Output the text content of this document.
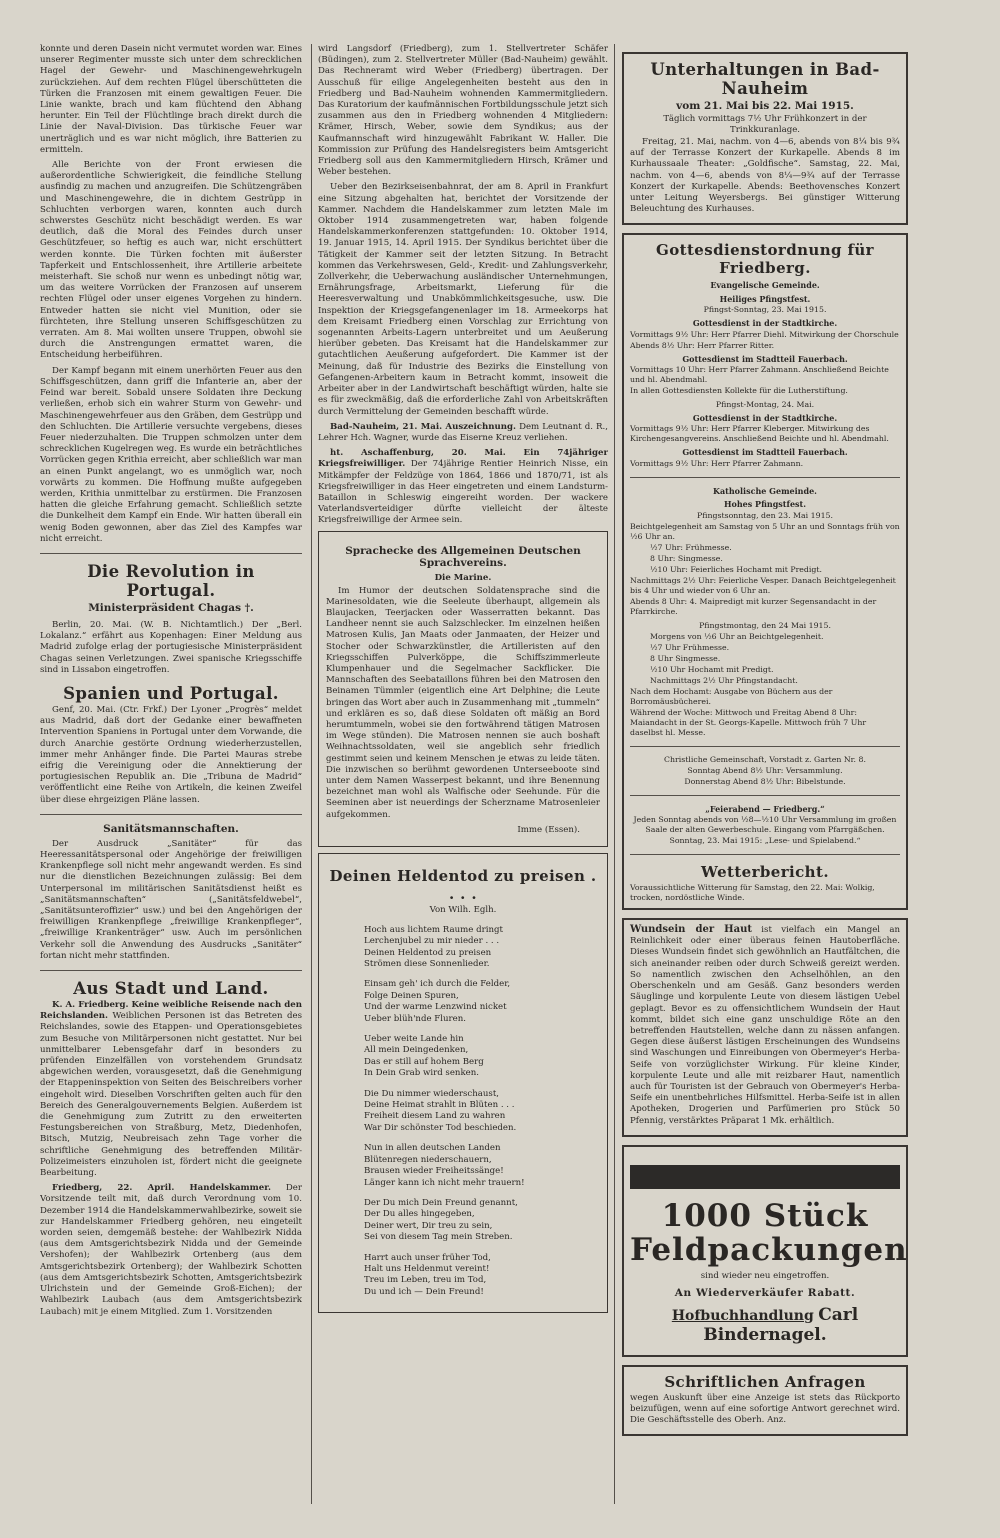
konnte und deren Dasein nicht vermutet worden war. Eines unserer Regimenter musste sich unter dem schrecklichen Hagel der Gewehr- und Maschinengewehrkugeln zurückziehen. Auf dem rechten Flügel überschütteten die Türken die Franzosen mit einem gewaltigen Feuer. Die Linie wankte, brach und kam flüchtend den Abhang herunter. Ein Teil der Flüchtlinge brach direkt durch die Linie der Naval-Division. Das türkische Feuer war unerträglich und es war nicht möglich, ihre Batterien zu ermitteln.

Alle Berichte von der Front erwiesen die außerordentliche Schwierigkeit, die feindliche Stellung ausfindig zu machen und anzugreifen. Die Schützengräben und Maschinengewehre, die in dichtem Gestrüpp in Schluchten verborgen waren, konnten auch durch schwerstes Geschütz nicht beschädigt werden. Es war deutlich, daß die Moral des Feindes durch unser Geschützfeuer, so heftig es auch war, nicht erschüttert werden konnte. Die Türken fochten mit äußerster Tapferkeit und Entschlossenheit, ihre Artillerie arbeitete meisterhaft. Sie schoß nur wenn es unbedingt nötig war, um das weitere Vorrücken der Franzosen auf unserem rechten Flügel oder unser eigenes Vorgehen zu hindern. Entweder hatten sie nicht viel Munition, oder sie fürchteten, ihre Stellung unseren Schiffsgeschützen zu verraten. Am 8. Mai wollten unsere Truppen, obwohl sie durch die Anstrengungen ermattet waren, die Entscheidung herbeiführen.

Der Kampf begann mit einem unerhörten Feuer aus den Schiffsgeschützen, dann griff die Infanterie an, aber der Feind war bereit. Sobald unsere Soldaten ihre Deckung verließen, erhob sich ein wahrer Sturm von Gewehr- und Maschinengewehrfeuer aus den Gräben, dem Gestrüpp und den Schluchten. Die Artillerie versuchte vergebens, dieses Feuer niederzuhalten. Die Truppen schmolzen unter dem schrecklichen Kugelregen weg. Es wurde ein beträchtliches Vorrücken gegen Krithia erreicht, aber schließlich war man an einen Punkt angelangt, wo es unmöglich war, noch vorwärts zu kommen. Die Hoffnung mußte aufgegeben werden, Krithia unmittelbar zu erstürmen. Die Franzosen hatten die gleiche Erfahrung gemacht. Schließlich setzte die Dunkelheit dem Kampf ein Ende. Wir hatten überall ein wenig Boden gewonnen, aber das Ziel des Kampfes war nicht erreicht.

Die Revolution in Portugal.
Ministerpräsident Chagas †.

Berlin, 20. Mai. (W. B. Nichtamtlich.) Der „Berl. Lokalanz.“ erfährt aus Kopenhagen: Einer Meldung aus Madrid zufolge erlag der portugiesische Ministerpräsident Chagas seinen Verletzungen. Zwei spanische Kriegsschiffe sind in Lissabon eingetroffen.

Spanien und Portugal.

Genf, 20. Mai. (Ctr. Frkf.) Der Lyoner „Progrès“ meldet aus Madrid, daß dort der Gedanke einer bewaffneten Intervention Spaniens in Portugal unter dem Vorwande, die durch Anarchie gestörte Ordnung wiederherzustellen, immer mehr Anhänger finde. Die Partei Mauras strebe eifrig die Vereinigung oder die Annektierung der portugiesischen Republik an. Die „Tribuna de Madrid“ veröffentlicht eine Reihe von Artikeln, die keinen Zweifel über diese ehrgeizigen Pläne lassen.

Sanitätsmannschaften.

Der Ausdruck „Sanitäter“ für das Heeressanitätspersonal oder Angehörige der freiwilligen Krankenpflege soll nicht mehr angewandt werden. Es sind nur die dienstlichen Bezeichnungen zulässig: Bei dem Unterpersonal im militärischen Sanitätsdienst heißt es „Sanitätsmannschaften“ („Sanitätsfeldwebel“, „Sanitätsunteroffizier“ usw.) und bei den Angehörigen der freiwilligen Krankenpflege „freiwillige Krankenpfleger“, „freiwillige Krankenträger“ usw. Auch im persönlichen Verkehr soll die Anwendung des Ausdrucks „Sanitäter“ fortan nicht mehr stattfinden.

Aus Stadt und Land.

K. A. Friedberg. Keine weibliche Reisende nach den Reichslanden. Weiblichen Personen ist das Betreten des Reichslandes, sowie des Etappen- und Operationsgebietes zum Besuche von Militärpersonen nicht gestattet. Nur bei unmittelbarer Lebensgefahr darf in besonders zu prüfenden Einzelfällen von vorstehendem Grundsatz abgewichen werden, vorausgesetzt, daß die Genehmigung der Etappeninspektion von Seiten des Beischreibers vorher eingeholt wird. Dieselben Vorschriften gelten auch für den Bereich des Generalgouvernements Belgien. Außerdem ist die Genehmigung zum Zutritt zu den erweiterten Festungsbereichen von Straßburg, Metz, Diedenhofen, Bitsch, Mutzig, Neubreisach zehn Tage vorher die schriftliche Genehmigung des betreffenden Militär-Polizeimeisters einzuholen ist, fördert nicht die geeignete Bearbeitung.

Friedberg, 22. April. Handelskammer. Der Vorsitzende teilt mit, daß durch Verordnung vom 10. Dezember 1914 die Handelskammerwahlbezirke, soweit sie zur Handelskammer Friedberg gehören, neu eingeteilt worden seien, demgemäß bestehe: der Wahlbezirk Nidda (aus dem Amtsgerichtsbezirk Nidda und der Gemeinde Vershofen); der Wahlbezirk Ortenberg (aus dem Amtsgerichtsbezirk Ortenberg); der Wahlbezirk Schotten (aus dem Amtsgerichtsbezirk Schotten, Amtsgerichtsbezirk Ulrichstein und der Gemeinde Groß-Eichen); der Wahlbezirk Laubach (aus dem Amtsgerichtsbezirk Laubach) mit je einem Mitglied. Zum 1. Vorsitzenden

wird Langsdorf (Friedberg), zum 1. Stellvertreter Schäfer (Büdingen), zum 2. Stellvertreter Müller (Bad-Nauheim) gewählt. Das Rechneramt wird Weber (Friedberg) übertragen. Der Ausschuß für eilige Angelegenheiten besteht aus den in Friedberg und Bad-Nauheim wohnenden Kammermitgliedern. Das Kuratorium der kaufmännischen Fortbildungsschule jetzt sich zusammen aus den in Friedberg wohnenden 4 Mitgliedern: Krämer, Hirsch, Weber, sowie dem Syndikus; aus der Kaufmannschaft wird hinzugewählt Fabrikant W. Haller. Die Kommission zur Prüfung des Handelsregisters beim Amtsgericht Friedberg soll aus den Kammermitgliedern Hirsch, Krämer und Weber bestehen.

Ueber den Bezirkseisenbahnrat, der am 8. April in Frankfurt eine Sitzung abgehalten hat, berichtet der Vorsitzende der Kammer. Nachdem die Handelskammer zum letzten Male im Oktober 1914 zusammengetreten war, haben folgende Handelskammerkonferenzen stattgefunden: 10. Oktober 1914, 19. Januar 1915, 14. April 1915. Der Syndikus berichtet über die Tätigkeit der Kammer seit der letzten Sitzung. In Betracht kommen das Verkehrswesen, Geld-, Kredit- und Zahlungsverkehr, Zollverkehr, die Ueberwachung ausländischer Unternehmungen, Ernährungsfrage, Arbeitsmarkt, Lieferung für die Heeresverwaltung und Unabkömmlichkeitsgesuche, usw. Die Inspektion der Kriegsgefangenenlager im 18. Armeekorps hat dem Kreisamt Friedberg einen Vorschlag zur Errichtung von sogenannten Arbeits-Lagern unterbreitet und um Aeußerung hierüber gebeten. Das Kreisamt hat die Handelskammer zur gutachtlichen Aeußerung aufgefordert. Die Kammer ist der Meinung, daß für Industrie des Bezirks die Einstellung von Gefangenen-Arbeitern kaum in Betracht kommt, insoweit die Arbeiter aber in der Landwirtschaft beschäftigt würden, halte sie es für zweckmäßig, daß die erforderliche Zahl von Arbeitskräften durch Vermittelung der Gemeinden beschafft würde.

Bad-Nauheim, 21. Mai. Auszeichnung. Dem Leutnant d. R., Lehrer Hch. Wagner, wurde das Eiserne Kreuz verliehen.

ht. Aschaffenburg, 20. Mai. Ein 74jähriger Kriegsfreiwilliger. Der 74jährige Rentier Heinrich Nisse, ein Mitkämpfer der Feldzüge von 1864, 1866 und 1870/71, ist als Kriegsfreiwilliger in das Heer eingetreten und einem Landsturm-Bataillon in Schleswig eingereiht worden. Der wackere Vaterlandsverteidiger dürfte vielleicht der älteste Kriegsfreiwillige der Armee sein.

Sprachecke des Allgemeinen Deutschen Sprachvereins.
Die Marine.

Im Humor der deutschen Soldatensprache sind die Marinesoldaten, wie die Seeleute überhaupt, allgemein als Blaujacken, Teerjacken oder Wasserratten bekannt. Das Landheer nennt sie auch Salzschlecker. Im einzelnen heißen Matrosen Kulis, Jan Maats oder Janmaaten, der Heizer und Stocher oder Schwarzkünstler, die Artilleristen auf den Kriegsschiffen Pulverköppe, die Schiffszimmerleute Klumpenhauer und die Segelmacher Sackflicker. Die Mannschaften des Seebataillons führen bei den Matrosen den Beinamen Tümmler (eigentlich eine Art Delphine; die Leute bringen das Wort aber auch in Zusammenhang mit „tummeln“ und erklären es so, daß diese Soldaten oft mäßig an Bord herumtummeln, wobei sie den fortwährend tätigen Matrosen im Wege stünden). Die Matrosen nennen sie auch boshaft Weihnachtssoldaten, weil sie angeblich sehr friedlich gestimmt seien und keinem Menschen je etwas zu leide täten. Die inzwischen so berühmt gewordenen Unterseeboote sind unter dem Namen Wasserpest bekannt, und ihre Benennung bezeichnet man wohl als Walfische oder Seehunde. Für die Seeminen aber ist neuerdings der Scherzname Matrosenleier aufgekommen.

Imme (Essen).
Deinen Heldentod zu preisen . . . .
Von Wilh. Eglh.
Hoch aus lichtem Raume dringt
Lerchenjubel zu mir nieder . . .
Deinen Heldentod zu preisen
Strömen diese Sonnenlieder.
Einsam geh' ich durch die Felder,
Folge Deinen Spuren,
Und der warme Lenzwind nicket
Ueber blüh'nde Fluren.
Ueber weite Lande hin
All mein Deingedenken,
Das er still auf hohem Berg
In Dein Grab wird senken.
Die Du nimmer wiederschaust,
Deine Heimat strahlt in Blüten . . .
Freiheit diesem Land zu wahren
War Dir schönster Tod beschieden.
Nun in allen deutschen Landen
Blütenregen niederschauern,
Brausen wieder Freiheitssänge!
Länger kann ich nicht mehr trauern!
Der Du mich Dein Freund genannt,
Der Du alles hingegeben,
Deiner wert, Dir treu zu sein,
Sei von diesem Tag mein Streben.
Harrt auch unser früher Tod,
Halt uns Heldenmut vereint!
Treu im Leben, treu im Tod,
Du und ich — Dein Freund!
Unterhaltungen in Bad-Nauheim
vom 21. Mai bis 22. Mai 1915.
Täglich vormittags 7½ Uhr Frühkonzert in der Trinkkuranlage.

Freitag, 21. Mai, nachm. von 4—6, abends von 8¼ bis 9¾ auf der Terrasse Konzert der Kurkapelle. Abends 8 im Kurhaussaale Theater: „Goldfische“. Samstag, 22. Mai, nachm. von 4—6, abends von 8¼—9¾ auf der Terrasse Konzert der Kurkapelle. Abends: Beethovensches Konzert unter Leitung Weyersbergs. Bei günstiger Witterung Beleuchtung des Kurhauses.

Gottesdienstordnung für Friedberg.
Evangelische Gemeinde.
Heiliges Pfingstfest.
Pfingst-Sonntag, 23. Mai 1915.
Gottesdienst in der Stadtkirche.
Vormittags 9½ Uhr: Herr Pfarrer Diehl. Mitwirkung der Chorschule
Abends 8½ Uhr: Herr Pfarrer Ritter.
Gottesdienst im Stadtteil Fauerbach.
Vormittags 10 Uhr: Herr Pfarrer Zahmann. Anschließend Beichte und hl. Abendmahl.
In allen Gottesdiensten Kollekte für die Lutherstiftung.
Pfingst-Montag, 24. Mai.
Gottesdienst in der Stadtkirche.
Vormittags 9½ Uhr: Herr Pfarrer Kleberger. Mitwirkung des Kirchengesangvereins. Anschließend Beichte und hl. Abendmahl.
Gottesdienst im Stadtteil Fauerbach.
Vormittags 9½ Uhr: Herr Pfarrer Zahmann.
Katholische Gemeinde.
Hohes Pfingstfest.
Pfingstsonntag, den 23. Mai 1915.
Beichtgelegenheit am Samstag von 5 Uhr an und Sonntags früh von ½6 Uhr an.
½7 Uhr: Frühmesse.
8 Uhr: Singmesse.
½10 Uhr: Feierliches Hochamt mit Predigt.
Nachmittags 2½ Uhr: Feierliche Vesper. Danach Beichtgelegenheit bis 4 Uhr und wieder von 6 Uhr an.
Abends 8 Uhr: 4. Maipredigt mit kurzer Segensandacht in der Pfarrkirche.
Pfingstmontag, den 24 Mai 1915.
Morgens von ½6 Uhr an Beichtgelegenheit.
½7 Uhr Frühmesse.
8 Uhr Singmesse.
½10 Uhr Hochamt mit Predigt.
Nachmittags 2½ Uhr Pfingstandacht.
Nach dem Hochamt: Ausgabe von Büchern aus der Borromäusbücherei.
Während der Woche: Mittwoch und Freitag Abend 8 Uhr: Maiandacht in der St. Georgs-Kapelle. Mittwoch früh 7 Uhr daselbst hl. Messe.
Christliche Gemeinschaft, Vorstadt z. Garten Nr. 8.
Sonntag Abend 8½ Uhr: Versammlung.
Donnerstag Abend 8½ Uhr: Bibelstunde.
„Feierabend — Friedberg.“
Jeden Sonntag abends von ½8—½10 Uhr Versammlung im großen Saale der alten Gewerbeschule. Eingang vom Pfarrgäßchen.
Sonntag, 23. Mai 1915: „Lese- und Spielabend.“
Wetterbericht.
Voraussichtliche Witterung für Samstag, den 22. Mai: Wolkig, trocken, nordöstliche Winde.

Wundsein der Haut ist vielfach ein Mangel an Reinlichkeit oder einer überaus feinen Hautoberfläche. Dieses Wundsein findet sich gewöhnlich an Hautfältchen, die sich aneinander reiben oder durch Schweiß gereizt werden. So namentlich zwischen den Achselhöhlen, an den Oberschenkeln und am Gesäß. Ganz besonders werden Säuglinge und korpulente Leute von diesem lästigen Uebel geplagt. Bevor es zu offensichtlichem Wundsein der Haut kommt, bildet sich eine ganz unschuldige Röte an den betreffenden Hautstellen, welche dann zu nässen anfangen. Gegen diese äußerst lästigen Erscheinungen des Wundseins sind Waschungen und Einreibungen von Obermeyer's Herba-Seife von vorzüglichster Wirkung. Für kleine Kinder, korpulente Leute und alle mit reizbarer Haut, namentlich auch für Touristen ist der Gebrauch von Obermeyer's Herba-Seife ein unentbehrliches Hilfsmittel. Herba-Seife ist in allen Apotheken, Drogerien und Parfümerien pro Stück 50 Pfennig, verstärktes Präparat 1 Mk. erhältlich.

1000 Stück Feldpackungen
sind wieder neu eingetroffen.
An Wiederverkäufer Rabatt.
Hofbuchhandlung Carl Bindernagel.
Schriftlichen Anfragen

wegen Auskunft über eine Anzeige ist stets das Rückporto beizufügen, wenn auf eine sofortige Antwort gerechnet wird. Die Geschäftsstelle des Oberh. Anz.
